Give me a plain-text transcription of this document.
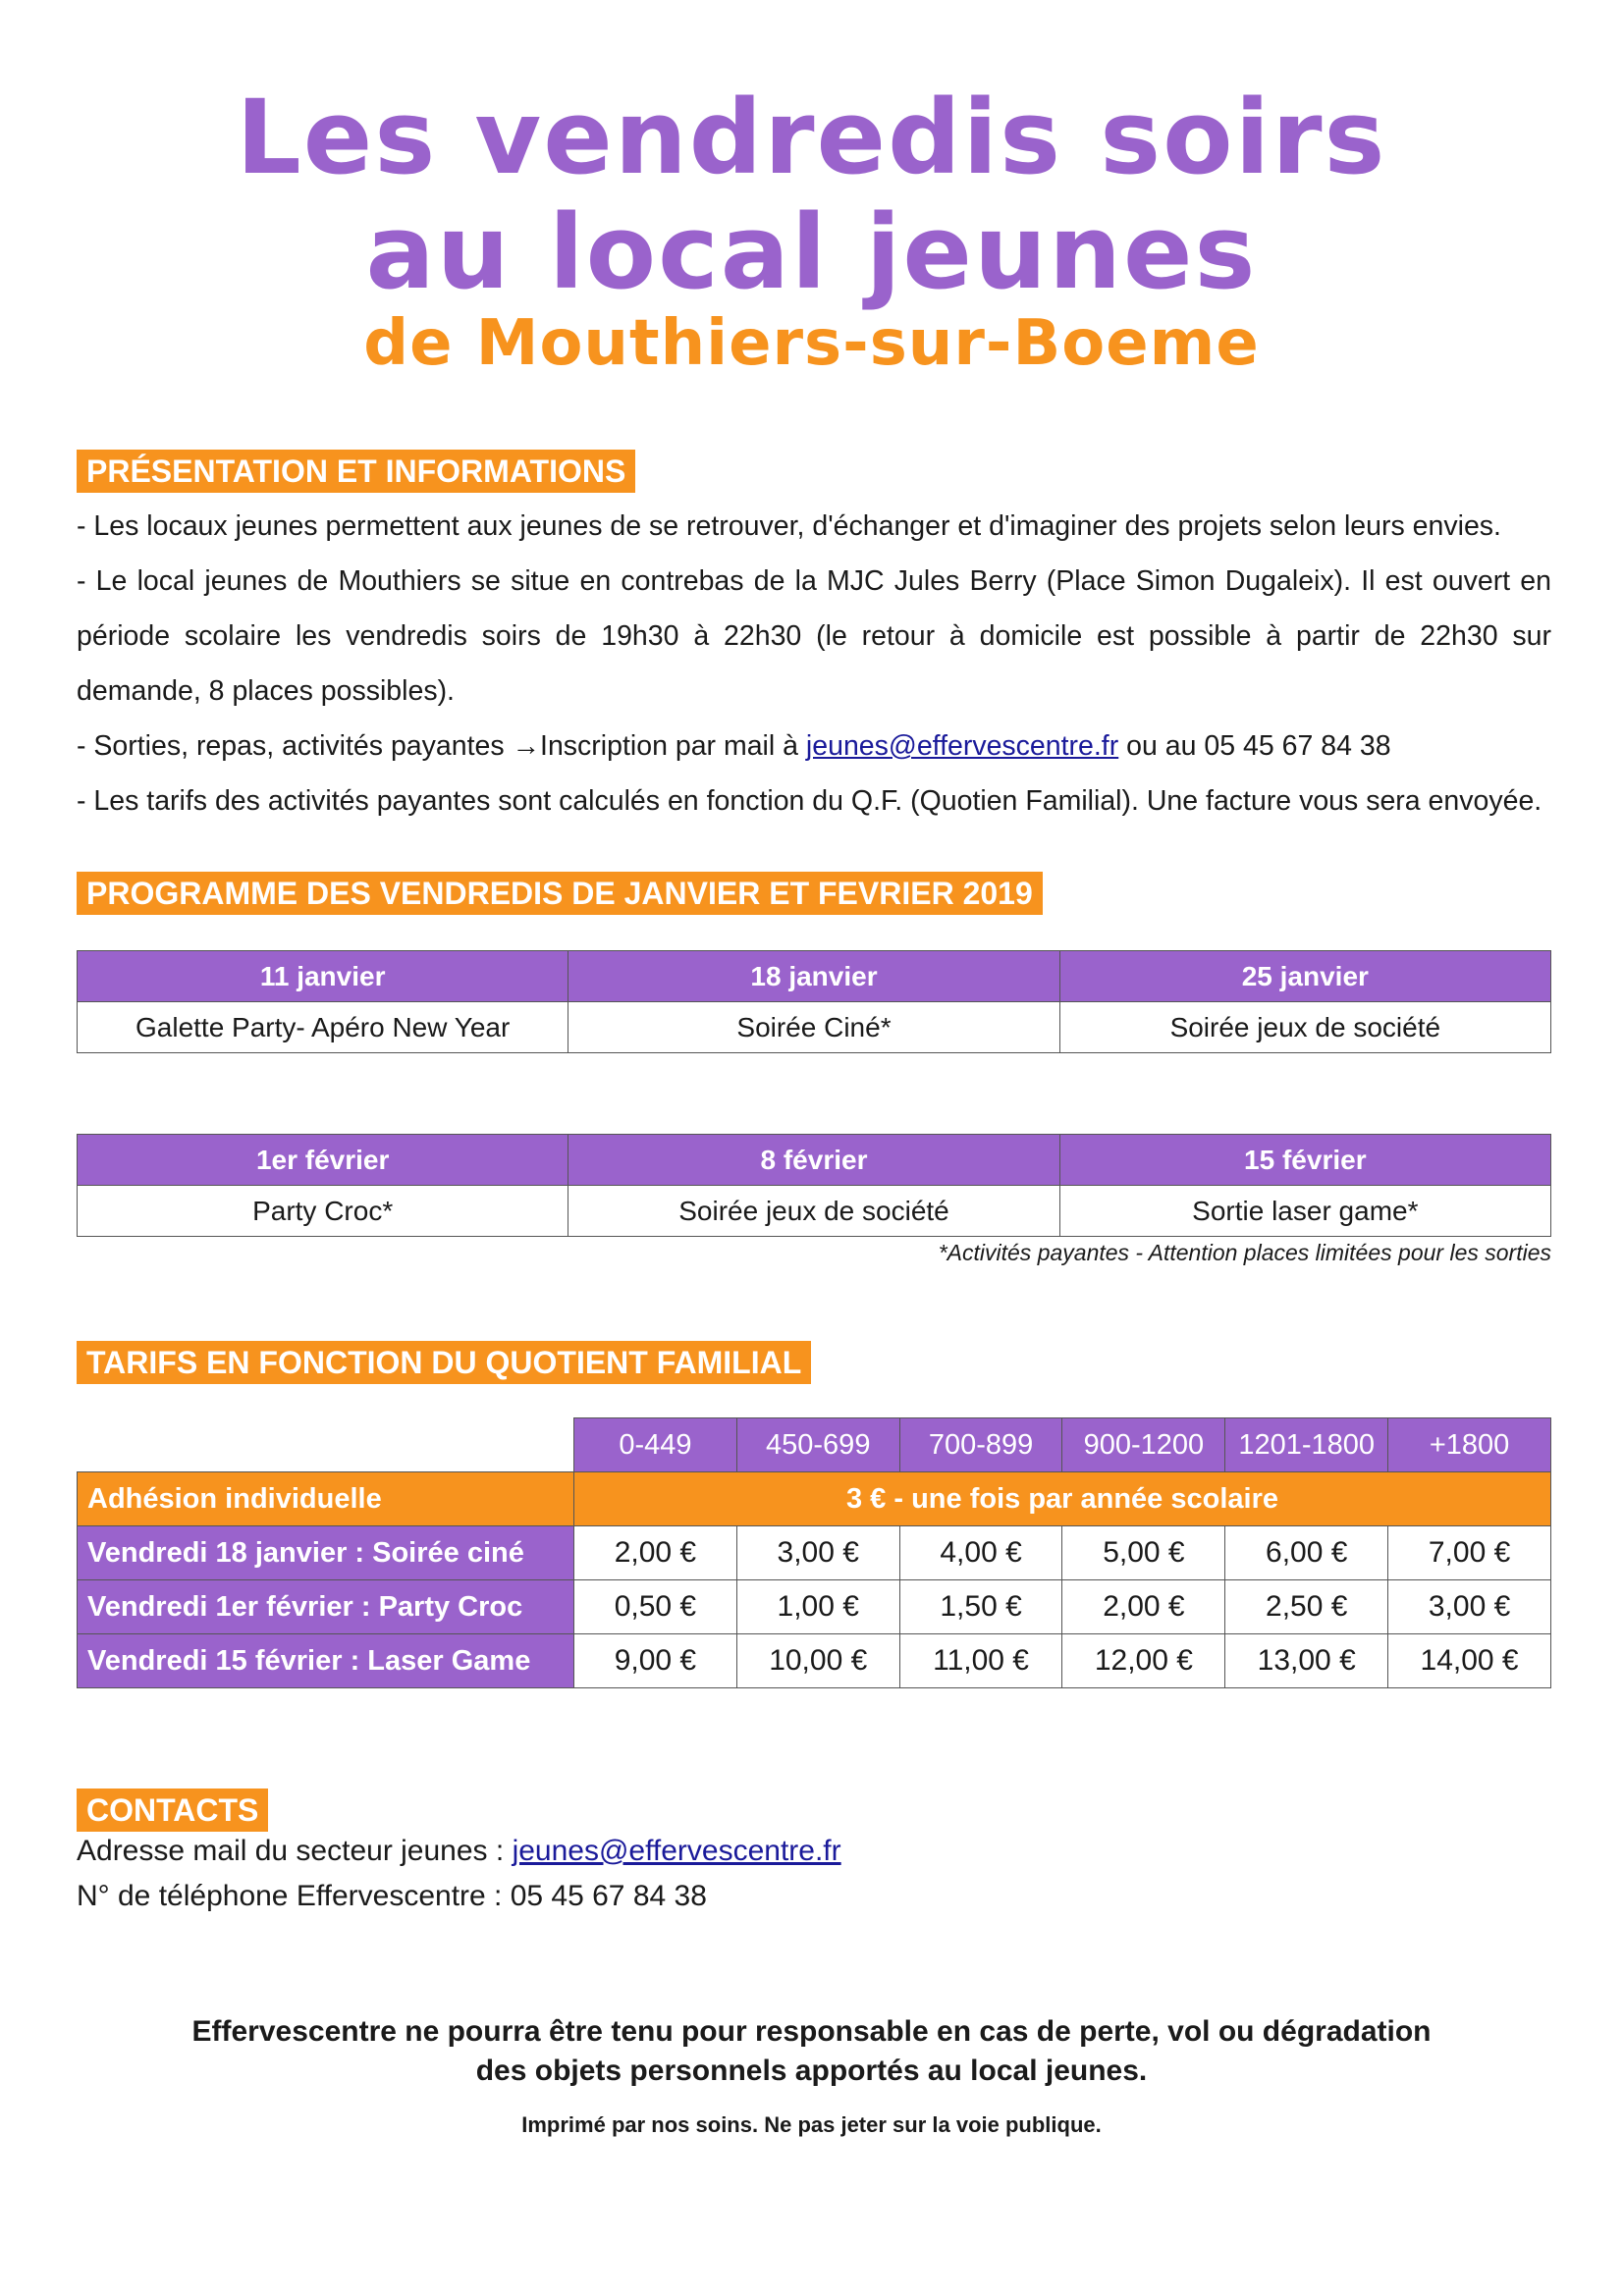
Les vendredis soirs
au local jeunes
de Mouthiers-sur-Boeme
PRÉSENTATION ET INFORMATIONS

- Les locaux jeunes permettent aux jeunes de se retrouver, d'échanger et d'imaginer des projets selon leurs envies.

- Le local jeunes de Mouthiers se situe en contrebas de la MJC Jules Berry (Place Simon Dugaleix). Il est ouvert en période scolaire les vendredis soirs de 19h30 à 22h30 (le retour à domicile est possible à partir de 22h30 sur demande, 8 places possibles).

- Sorties, repas, activités payantes →Inscription par mail à jeunes@effervescentre.fr ou au 05 45 67 84 38

- Les tarifs des activités payantes sont calculés en fonction du Q.F. (Quotien Familial). Une facture vous sera envoyée.

PROGRAMME DES VENDREDIS DE JANVIER ET FEVRIER 2019
11 janvier	18 janvier	25 janvier
Galette Party- Apéro New Year	Soirée Ciné*	Soirée jeux de société
1er février	8 février	15 février
Party Croc*	Soirée jeux de société	Sortie laser game*
*Activités payantes - Attention places limitées pour les sorties
TARIFS EN FONCTION DU QUOTIENT FAMILIAL
	0-449	450-699	700-899	900-1200	1201-1800	+1800
Adhésion individuelle	3 € - une fois par année scolaire					
Vendredi 18 janvier : Soirée ciné	2,00 €	3,00 €	4,00 €	5,00 €	6,00 €	7,00 €
Vendredi 1er février : Party Croc	0,50 €	1,00 €	1,50 €	2,00 €	2,50 €	3,00 €
Vendredi 15 février : Laser Game	9,00 €	10,00 €	11,00 €	12,00 €	13,00 €	14,00 €
CONTACTS
Adresse mail du secteur jeunes : jeunes@effervescentre.fr
N° de téléphone Effervescentre : 05 45 67 84 38
Effervescentre ne pourra être tenu pour responsable en cas de perte, vol ou dégradation
des objets personnels apportés au local jeunes.
Imprimé par nos soins. Ne pas jeter sur la voie publique.
